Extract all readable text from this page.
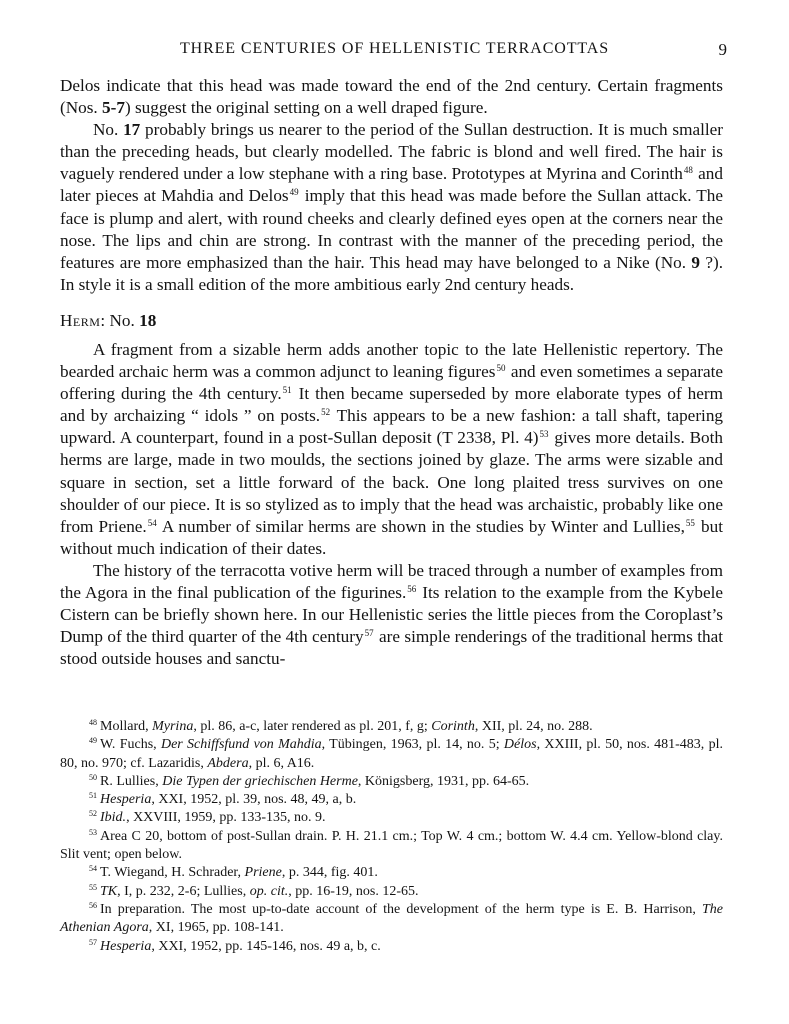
THREE CENTURIES OF HELLENISTIC TERRACOTTAS	9

Delos indicate that this head was made toward the end of the 2nd century. Certain fragments (Nos. 5-7) suggest the original setting on a well draped figure.

No. 17 probably brings us nearer to the period of the Sullan destruction. It is much smaller than the preceding heads, but clearly modelled. The fabric is blond and well fired. The hair is vaguely rendered under a low stephane with a ring base. Prototypes at Myrina and Corinth$^{48}$ and later pieces at Mahdia and Delos$^{49}$ imply that this head was made before the Sullan attack. The face is plump and alert, with round cheeks and clearly defined eyes open at the corners near the nose. The lips and chin are strong. In contrast with the manner of the preceding period, the features are more emphasized than the hair. This head may have belonged to a Nike (No. 9 ?). In style it is a small edition of the more ambitious early 2nd century heads.

Herm: No. 18

A fragment from a sizable herm adds another topic to the late Hellenistic repertory. The bearded archaic herm was a common adjunct to leaning figures$^{50}$ and even sometimes a separate offering during the 4th century.$^{51}$ It then became superseded by more elaborate types of herm and by archaizing “ idols ” on posts.$^{52}$ This appears to be a new fashion: a tall shaft, tapering upward. A counterpart, found in a post-Sullan deposit (T 2338, Pl. 4)$^{53}$ gives more details. Both herms are large, made in two moulds, the sections joined by glaze. The arms were sizable and square in section, set a little forward of the back. One long plaited tress survives on one shoulder of our piece. It is so stylized as to imply that the head was archaistic, probably like one from Priene.$^{54}$ A number of similar herms are shown in the studies by Winter and Lullies,$^{55}$ but without much indication of their dates.

The history of the terracotta votive herm will be traced through a number of examples from the Agora in the final publication of the figurines.$^{56}$ Its relation to the example from the Kybele Cistern can be briefly shown here. In our Hellenistic series the little pieces from the Coroplast’s Dump of the third quarter of the 4th century$^{57}$ are simple renderings of the traditional herms that stood outside houses and sanctu-

$^{48}$ Mollard, Myrina, pl. 86, a-c, later rendered as pl. 201, f, g; Corinth, XII, pl. 24, no. 288.

$^{49}$ W. Fuchs, Der Schiffsfund von Mahdia, Tübingen, 1963, pl. 14, no. 5; Délos, XXIII, pl. 50, nos. 481-483, pl. 80, no. 970; cf. Lazaridis, Abdera, pl. 6, A16.

$^{50}$ R. Lullies, Die Typen der griechischen Herme, Königsberg, 1931, pp. 64-65.

$^{51}$ Hesperia, XXI, 1952, pl. 39, nos. 48, 49, a, b.

$^{52}$ Ibid., XXVIII, 1959, pp. 133-135, no. 9.

$^{53}$ Area C 20, bottom of post-Sullan drain. P. H. 21.1 cm.; Top W. 4 cm.; bottom W. 4.4 cm. Yellow-blond clay. Slit vent; open below.

$^{54}$ T. Wiegand, H. Schrader, Priene, p. 344, fig. 401.

$^{55}$ TK, I, p. 232, 2-6; Lullies, op. cit., pp. 16-19, nos. 12-65.

$^{56}$ In preparation. The most up-to-date account of the development of the herm type is E. B. Harrison, The Athenian Agora, XI, 1965, pp. 108-141.

$^{57}$ Hesperia, XXI, 1952, pp. 145-146, nos. 49 a, b, c.
